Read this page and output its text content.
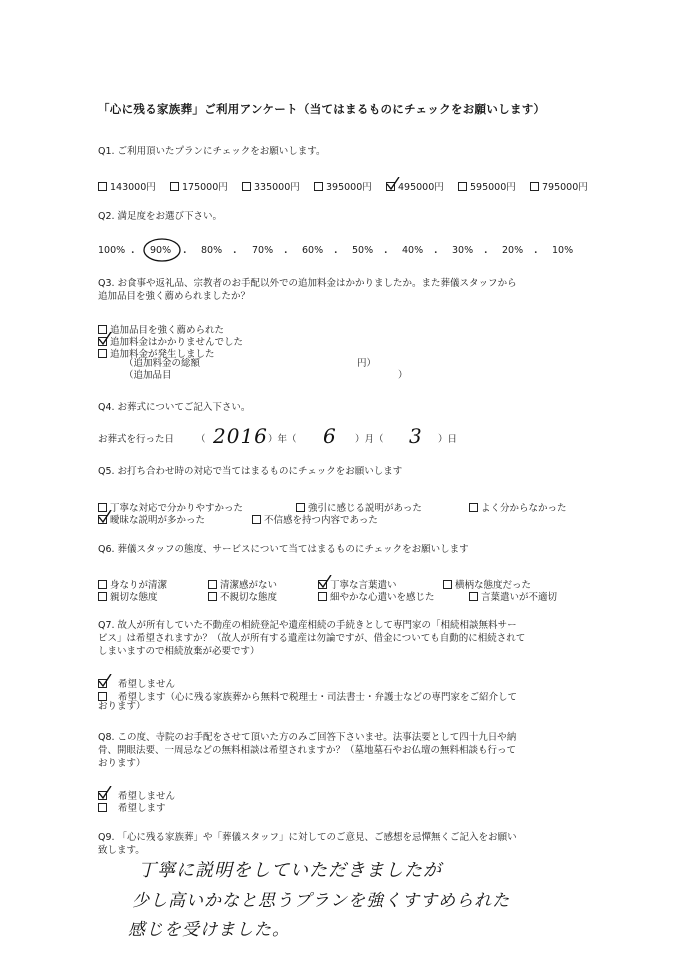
「心に残る家族葬」ご利用アンケート（当てはまるものにチェックをお願いします）
Q1. ご利用頂いたプランにチェックをお願いします。
143000円	175000円	335000円	395000円	495000円	595000円	795000円
Q2. 満足度をお選び下さい。
100% ・ 90% ・ 80% ・ 70% ・ 60% ・ 50% ・ 40% ・ 30% ・ 20% ・ 10%
Q3. お食事や返礼品、宗教者のお手配以外での追加料金はかかりましたか。また葬儀スタッフから
追加品目を強く薦められましたか？
追加品目を強く薦められた
追加料金はかかりませんでした
追加料金が発生しました
（追加料金の総額	円）
（追加品目	）
Q4. お葬式についてご記入下さい。
お葬式を行った日 （ 2016 ）年（ 6 ）月（ 3 ）日
Q5. お打ち合わせ時の対応で当てはまるものにチェックをお願いします
丁寧な対応で分かりやすかった	強引に感じる説明があった	よく分からなかった
曖昧な説明が多かった	不信感を持つ内容であった
Q6. 葬儀スタッフの態度、サービスについて当てはまるものにチェックをお願いします
身なりが清潔	清潔感がない	丁寧な言葉遣い	横柄な態度だった
親切な態度	不親切な態度	細やかな心遣いを感じた	言葉遣いが不適切
Q7. 故人が所有していた不動産の相続登記や遺産相続の手続きとして専門家の「相続相談無料サー
ビス」は希望されますか？（故人が所有する遺産は勿論ですが、借金についても自動的に相続されて
しまいますので相続放棄が必要です）
希望しません
希望します（心に残る家族葬から無料で税理士・司法書士・弁護士などの専門家をご紹介して
おります）
Q8. この度、寺院のお手配をさせて頂いた方のみご回答下さいませ。法事法要として四十九日や納
骨、開眼法要、一周忌などの無料相談は希望されますか？（墓地墓石やお仏壇の無料相談も行って
おります）
希望しません
希望します
Q9. 「心に残る家族葬」や「葬儀スタッフ」に対してのご意見、ご感想を忌憚無くご記入をお願い
致します。
丁寧に説明をしていただきましたが
少し高いかなと思うプランを強くすすめられた
感じを受けました。
